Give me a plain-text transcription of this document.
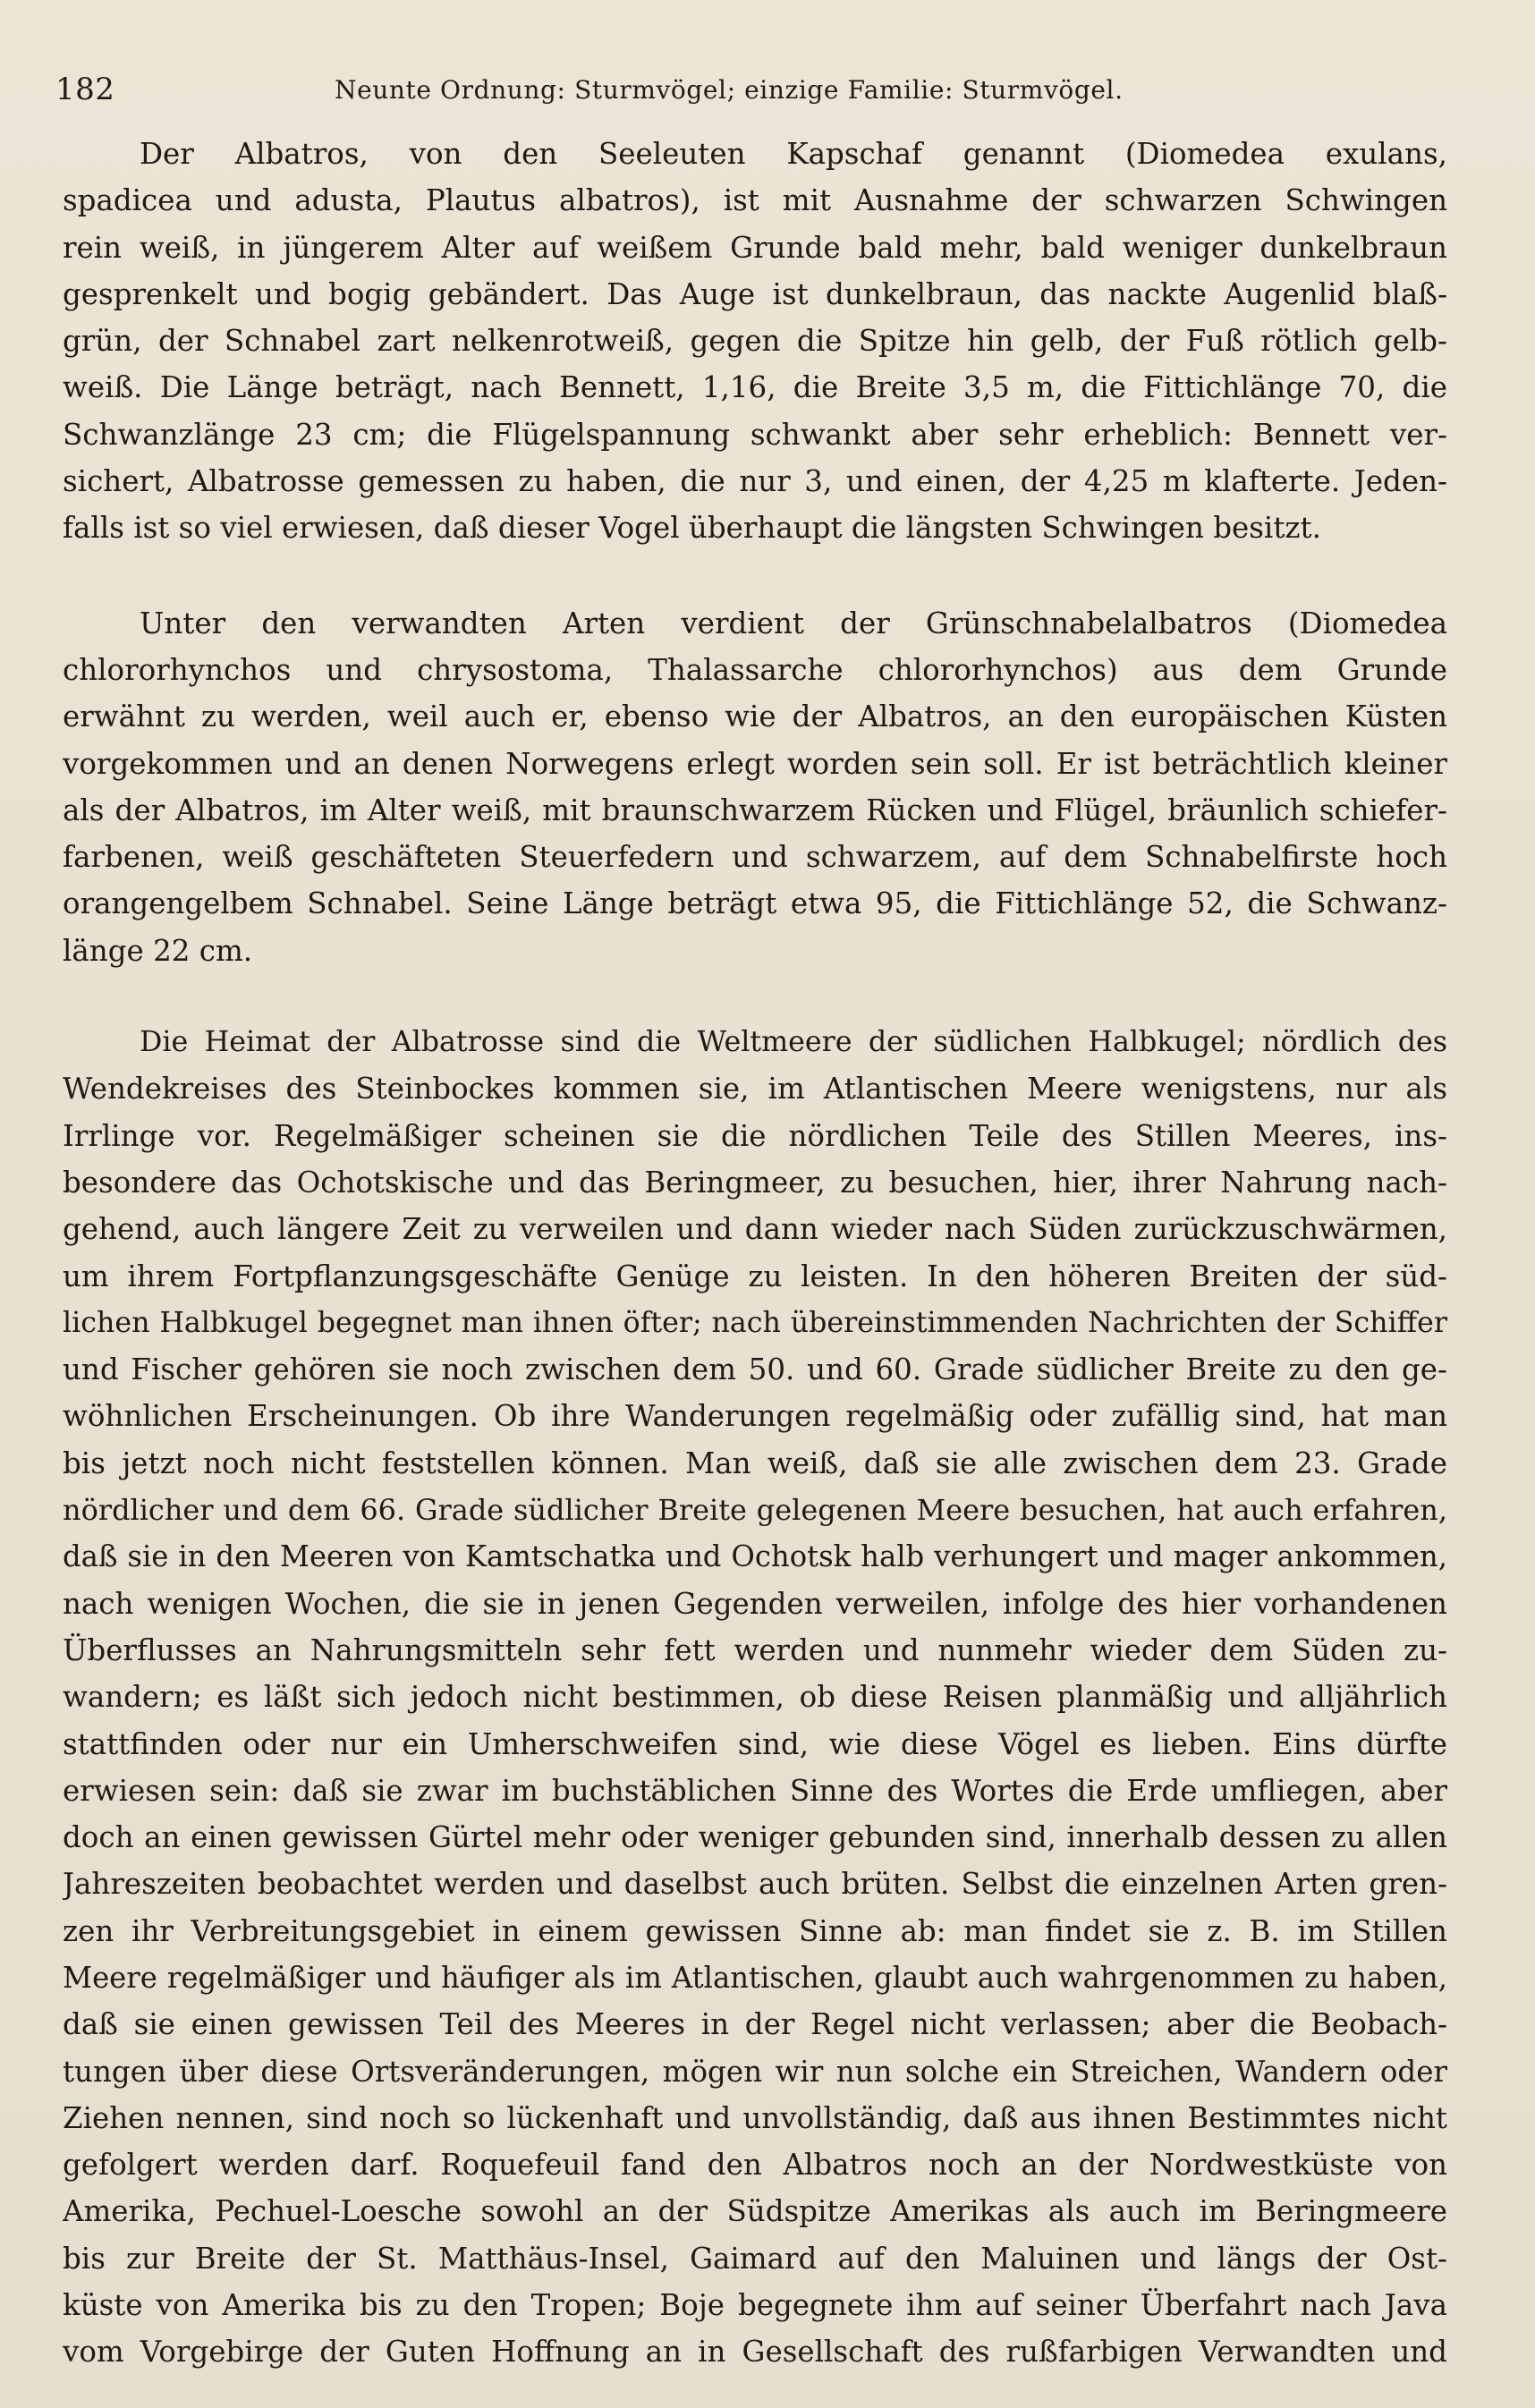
182	Neunte Ordnung: Sturmvögel; einzige Familie: Sturmvögel.
Der Albatros, von den Seeleuten Kapschaf genannt (Diomedea exulans,
spadicea und adusta, Plautus albatros), ist mit Ausnahme der schwarzen Schwingen
rein weiß, in jüngerem Alter auf weißem Grunde bald mehr, bald weniger dunkelbraun
gesprenkelt und bogig gebändert. Das Auge ist dunkelbraun, das nackte Augenlid blaß-
grün, der Schnabel zart nelkenrotweiß, gegen die Spitze hin gelb, der Fuß rötlich gelb-
weiß. Die Länge beträgt, nach Bennett, 1,16, die Breite 3,5 m, die Fittichlänge 70, die
Schwanzlänge 23 cm; die Flügelspannung schwankt aber sehr erheblich: Bennett ver-
sichert, Albatrosse gemessen zu haben, die nur 3, und einen, der 4,25 m klafterte. Jeden-
falls ist so viel erwiesen, daß dieser Vogel überhaupt die längsten Schwingen besitzt.
Unter den verwandten Arten verdient der Grünschnabelalbatros (Diomedea
chlororhynchos und chrysostoma, Thalassarche chlororhynchos) aus dem Grunde
erwähnt zu werden, weil auch er, ebenso wie der Albatros, an den europäischen Küsten
vorgekommen und an denen Norwegens erlegt worden sein soll. Er ist beträchtlich kleiner
als der Albatros, im Alter weiß, mit braunschwarzem Rücken und Flügel, bräunlich schiefer-
farbenen, weiß geschäfteten Steuerfedern und schwarzem, auf dem Schnabelfirste hoch
orangengelbem Schnabel. Seine Länge beträgt etwa 95, die Fittichlänge 52, die Schwanz-
länge 22 cm.
Die Heimat der Albatrosse sind die Weltmeere der südlichen Halbkugel; nördlich des
Wendekreises des Steinbockes kommen sie, im Atlantischen Meere wenigstens, nur als
Irrlinge vor. Regelmäßiger scheinen sie die nördlichen Teile des Stillen Meeres, ins-
besondere das Ochotskische und das Beringmeer, zu besuchen, hier, ihrer Nahrung nach-
gehend, auch längere Zeit zu verweilen und dann wieder nach Süden zurückzuschwärmen,
um ihrem Fortpflanzungsgeschäfte Genüge zu leisten. In den höheren Breiten der süd-
lichen Halbkugel begegnet man ihnen öfter; nach übereinstimmenden Nachrichten der Schiffer
und Fischer gehören sie noch zwischen dem 50. und 60. Grade südlicher Breite zu den ge-
wöhnlichen Erscheinungen. Ob ihre Wanderungen regelmäßig oder zufällig sind, hat man
bis jetzt noch nicht feststellen können. Man weiß, daß sie alle zwischen dem 23. Grade
nördlicher und dem 66. Grade südlicher Breite gelegenen Meere besuchen, hat auch erfahren,
daß sie in den Meeren von Kamtschatka und Ochotsk halb verhungert und mager ankommen,
nach wenigen Wochen, die sie in jenen Gegenden verweilen, infolge des hier vorhandenen
Überflusses an Nahrungsmitteln sehr fett werden und nunmehr wieder dem Süden zu-
wandern; es läßt sich jedoch nicht bestimmen, ob diese Reisen planmäßig und alljährlich
stattfinden oder nur ein Umherschweifen sind, wie diese Vögel es lieben. Eins dürfte
erwiesen sein: daß sie zwar im buchstäblichen Sinne des Wortes die Erde umfliegen, aber
doch an einen gewissen Gürtel mehr oder weniger gebunden sind, innerhalb dessen zu allen
Jahreszeiten beobachtet werden und daselbst auch brüten. Selbst die einzelnen Arten gren-
zen ihr Verbreitungsgebiet in einem gewissen Sinne ab: man findet sie z. B. im Stillen
Meere regelmäßiger und häufiger als im Atlantischen, glaubt auch wahrgenommen zu haben,
daß sie einen gewissen Teil des Meeres in der Regel nicht verlassen; aber die Beobach-
tungen über diese Ortsveränderungen, mögen wir nun solche ein Streichen, Wandern oder
Ziehen nennen, sind noch so lückenhaft und unvollständig, daß aus ihnen Bestimmtes nicht
gefolgert werden darf. Roquefeuil fand den Albatros noch an der Nordwestküste von
Amerika, Pechuel-Loesche sowohl an der Südspitze Amerikas als auch im Beringmeere
bis zur Breite der St. Matthäus-Insel, Gaimard auf den Maluinen und längs der Ost-
küste von Amerika bis zu den Tropen; Boje begegnete ihm auf seiner Überfahrt nach Java
vom Vorgebirge der Guten Hoffnung an in Gesellschaft des rußfarbigen Verwandten und
